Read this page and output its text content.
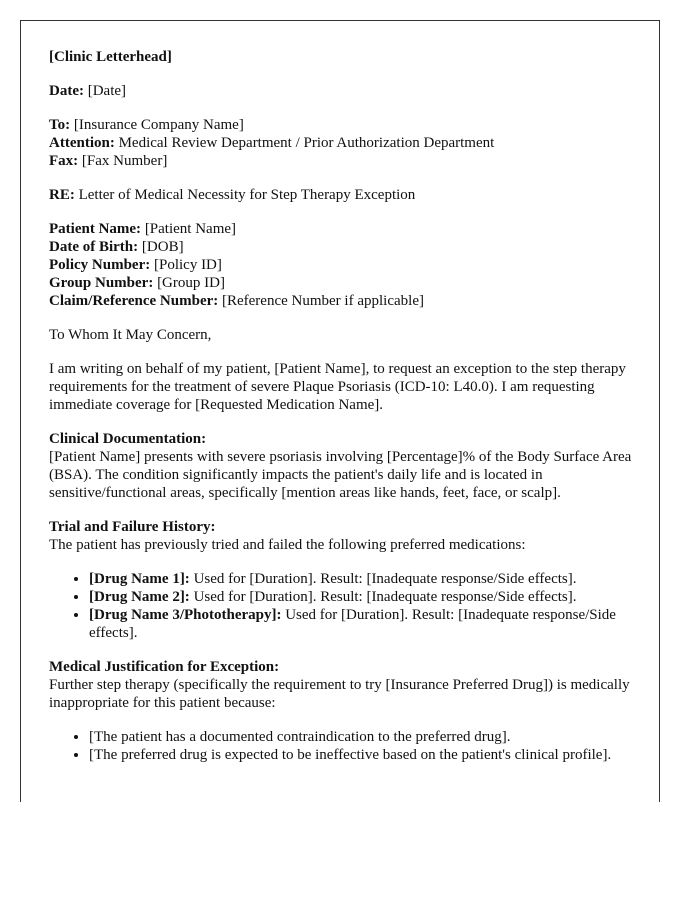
[Clinic Letterhead]

Date: [Date]

To: [Insurance Company Name]
Attention: Medical Review Department / Prior Authorization Department
Fax: [Fax Number]

RE: Letter of Medical Necessity for Step Therapy Exception

Patient Name: [Patient Name]
Date of Birth: [DOB]
Policy Number: [Policy ID]
Group Number: [Group ID]
Claim/Reference Number: [Reference Number if applicable]

To Whom It May Concern,

I am writing on behalf of my patient, [Patient Name], to request an exception to the step therapy requirements for the treatment of severe Plaque Psoriasis (ICD-10: L40.0). I am requesting immediate coverage for [Requested Medication Name].

Clinical Documentation:
[Patient Name] presents with severe psoriasis involving [Percentage]% of the Body Surface Area (BSA). The condition significantly impacts the patient's daily life and is located in sensitive/functional areas, specifically [mention areas like hands, feet, face, or scalp].

Trial and Failure History:
The patient has previously tried and failed the following preferred medications:

• [Drug Name 1]: Used for [Duration]. Result: [Inadequate response/Side effects].
• [Drug Name 2]: Used for [Duration]. Result: [Inadequate response/Side effects].
• [Drug Name 3/Phototherapy]: Used for [Duration]. Result: [Inadequate response/Side effects].

Medical Justification for Exception:
Further step therapy (specifically the requirement to try [Insurance Preferred Drug]) is medically inappropriate for this patient because:

• [The patient has a documented contraindication to the preferred drug].
• [The preferred drug is expected to be ineffective based on the patient's clinical profile].
